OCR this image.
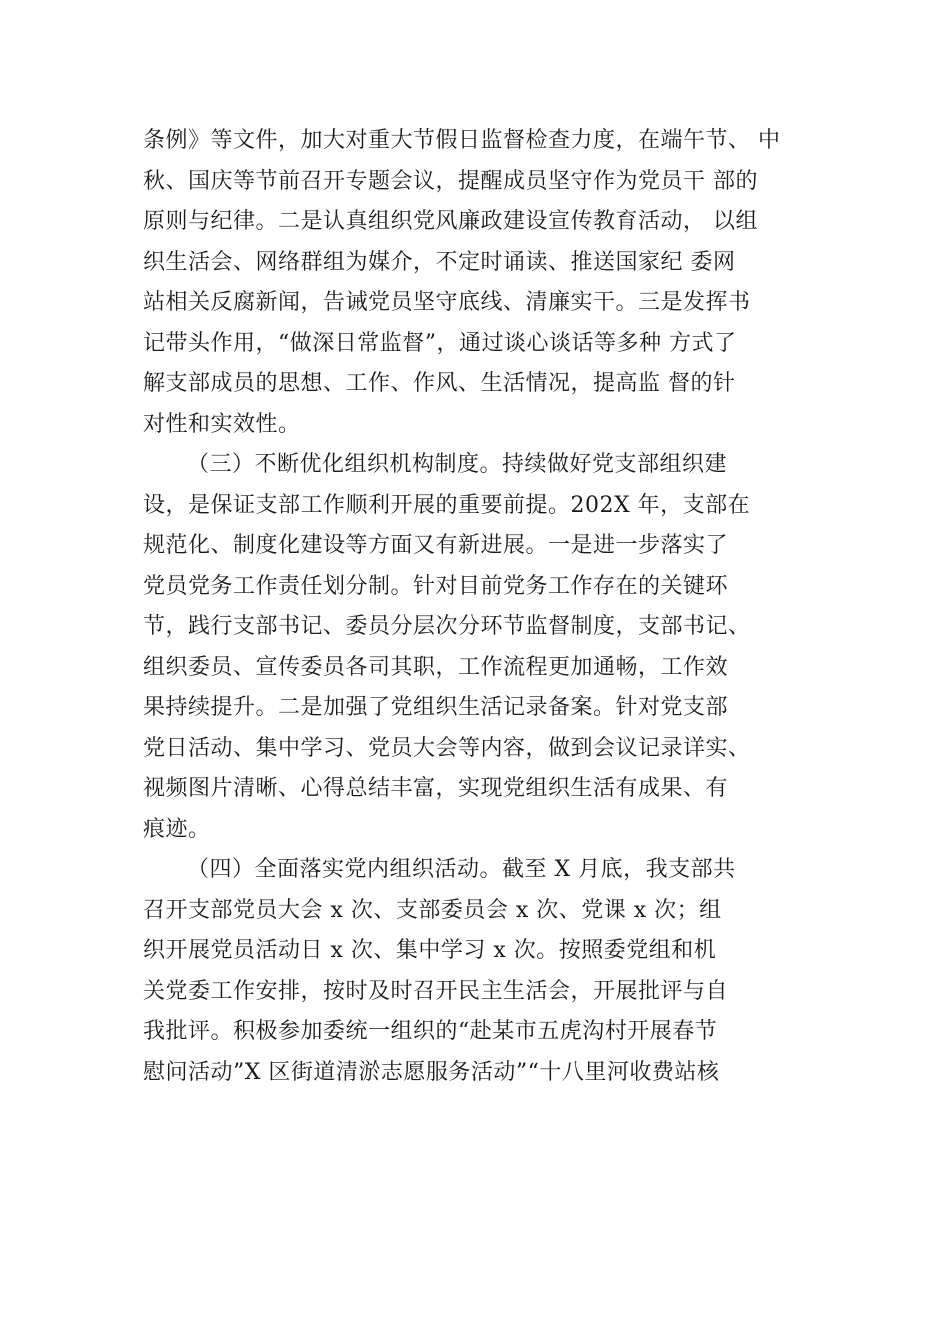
条例》等文件，加大对重大节假日监督检查力度，在端午节、 中
秋、国庆等节前召开专题会议，提醒成员坚守作为党员干 部的
原则与纪律。二是认真组织党风廉政建设宣传教育活动， 以组
织生活会、网络群组为媒介，不定时诵读、推送国家纪 委网
站相关反腐新闻，告诫党员坚守底线、清廉实干。三是发挥书
记带头作用，“做深日常监督”，通过谈心谈话等多种 方式了
解支部成员的思想、工作、作风、生活情况，提高监 督的针
对性和实效性。
（三）不断优化组织机构制度。持续做好党支部组织建
设，是保证支部工作顺利开展的重要前提。202X 年，支部在
规范化、制度化建设等方面又有新进展。一是进一步落实了
党员党务工作责任划分制。针对目前党务工作存在的关键环
节，践行支部书记、委员分层次分环节监督制度，支部书记、
组织委员、宣传委员各司其职，工作流程更加通畅，工作效
果持续提升。二是加强了党组织生活记录备案。针对党支部
党日活动、集中学习、党员大会等内容，做到会议记录详实、
视频图片清晰、心得总结丰富，实现党组织生活有成果、有
痕迹。
（四）全面落实党内组织活动。截至 X 月底，我支部共
召开支部党员大会 x 次、支部委员会 x 次、党课 x 次；组
织开展党员活动日 x 次、集中学习 x 次。按照委党组和机
关党委工作安排，按时及时召开民主生活会，开展批评与自
我批评。积极参加委统一组织的“赴某市五虎沟村开展春节
慰问活动”X 区街道清淤志愿服务活动”“十八里河收费站核
